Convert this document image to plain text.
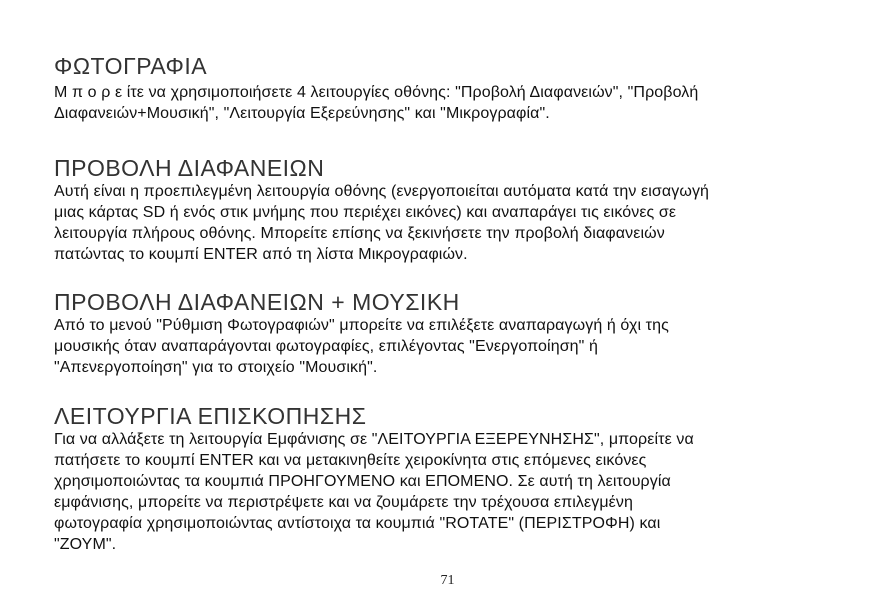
ΦΩΤΟΓΡΑΦΙΑ
Μ π ο ρ ε ίτε να χρησιμοποιήσετε 4 λειτουργίες οθόνης: "Προβολή Διαφανειών", "Προβολή
Διαφανειών+Μουσική", "Λειτουργία Εξερεύνησης" και "Μικρογραφία".
ΠΡΟΒΟΛΗ ΔΙΑΦΑΝΕΙΩΝ
Αυτή είναι η προεπιλεγμένη λειτουργία οθόνης (ενεργοποιείται αυτόματα κατά την εισαγωγή
μιας κάρτας SD ή ενός στικ μνήμης που περιέχει εικόνες) και αναπαράγει τις εικόνες σε
λειτουργία πλήρους οθόνης. Μπορείτε επίσης να ξεκινήσετε την προβολή διαφανειών
πατώντας το κουμπί ENTER από τη λίστα Μικρογραφιών.
ΠΡΟΒΟΛΗ ΔΙΑΦΑΝΕΙΩΝ + ΜΟΥΣΙΚΗ
Από το μενού "Ρύθμιση Φωτογραφιών" μπορείτε να επιλέξετε αναπαραγωγή ή όχι της
μουσικής όταν αναπαράγονται φωτογραφίες, επιλέγοντας "Ενεργοποίηση" ή
"Απενεργοποίηση" για το στοιχείο "Μουσική".
ΛΕΙΤΟΥΡΓΙΑ ΕΠΙΣΚΟΠΗΣΗΣ
Για να αλλάξετε τη λειτουργία Εμφάνισης σε "ΛΕΙΤΟΥΡΓΙΑ ΕΞΕΡΕΥΝΗΣΗΣ", μπορείτε να
πατήσετε το κουμπί ENTER και να μετακινηθείτε χειροκίνητα στις επόμενες εικόνες
χρησιμοποιώντας τα κουμπιά ΠΡΟΗΓΟΥΜΕΝΟ και ΕΠΟΜΕΝΟ. Σε αυτή τη λειτουργία
εμφάνισης, μπορείτε να περιστρέψετε και να ζουμάρετε την τρέχουσα επιλεγμένη
φωτογραφία χρησιμοποιώντας αντίστοιχα τα κουμπιά "ROTATE" (ΠΕΡΙΣΤΡΟΦΗ) και
"ΖΟΥΜ".
71
